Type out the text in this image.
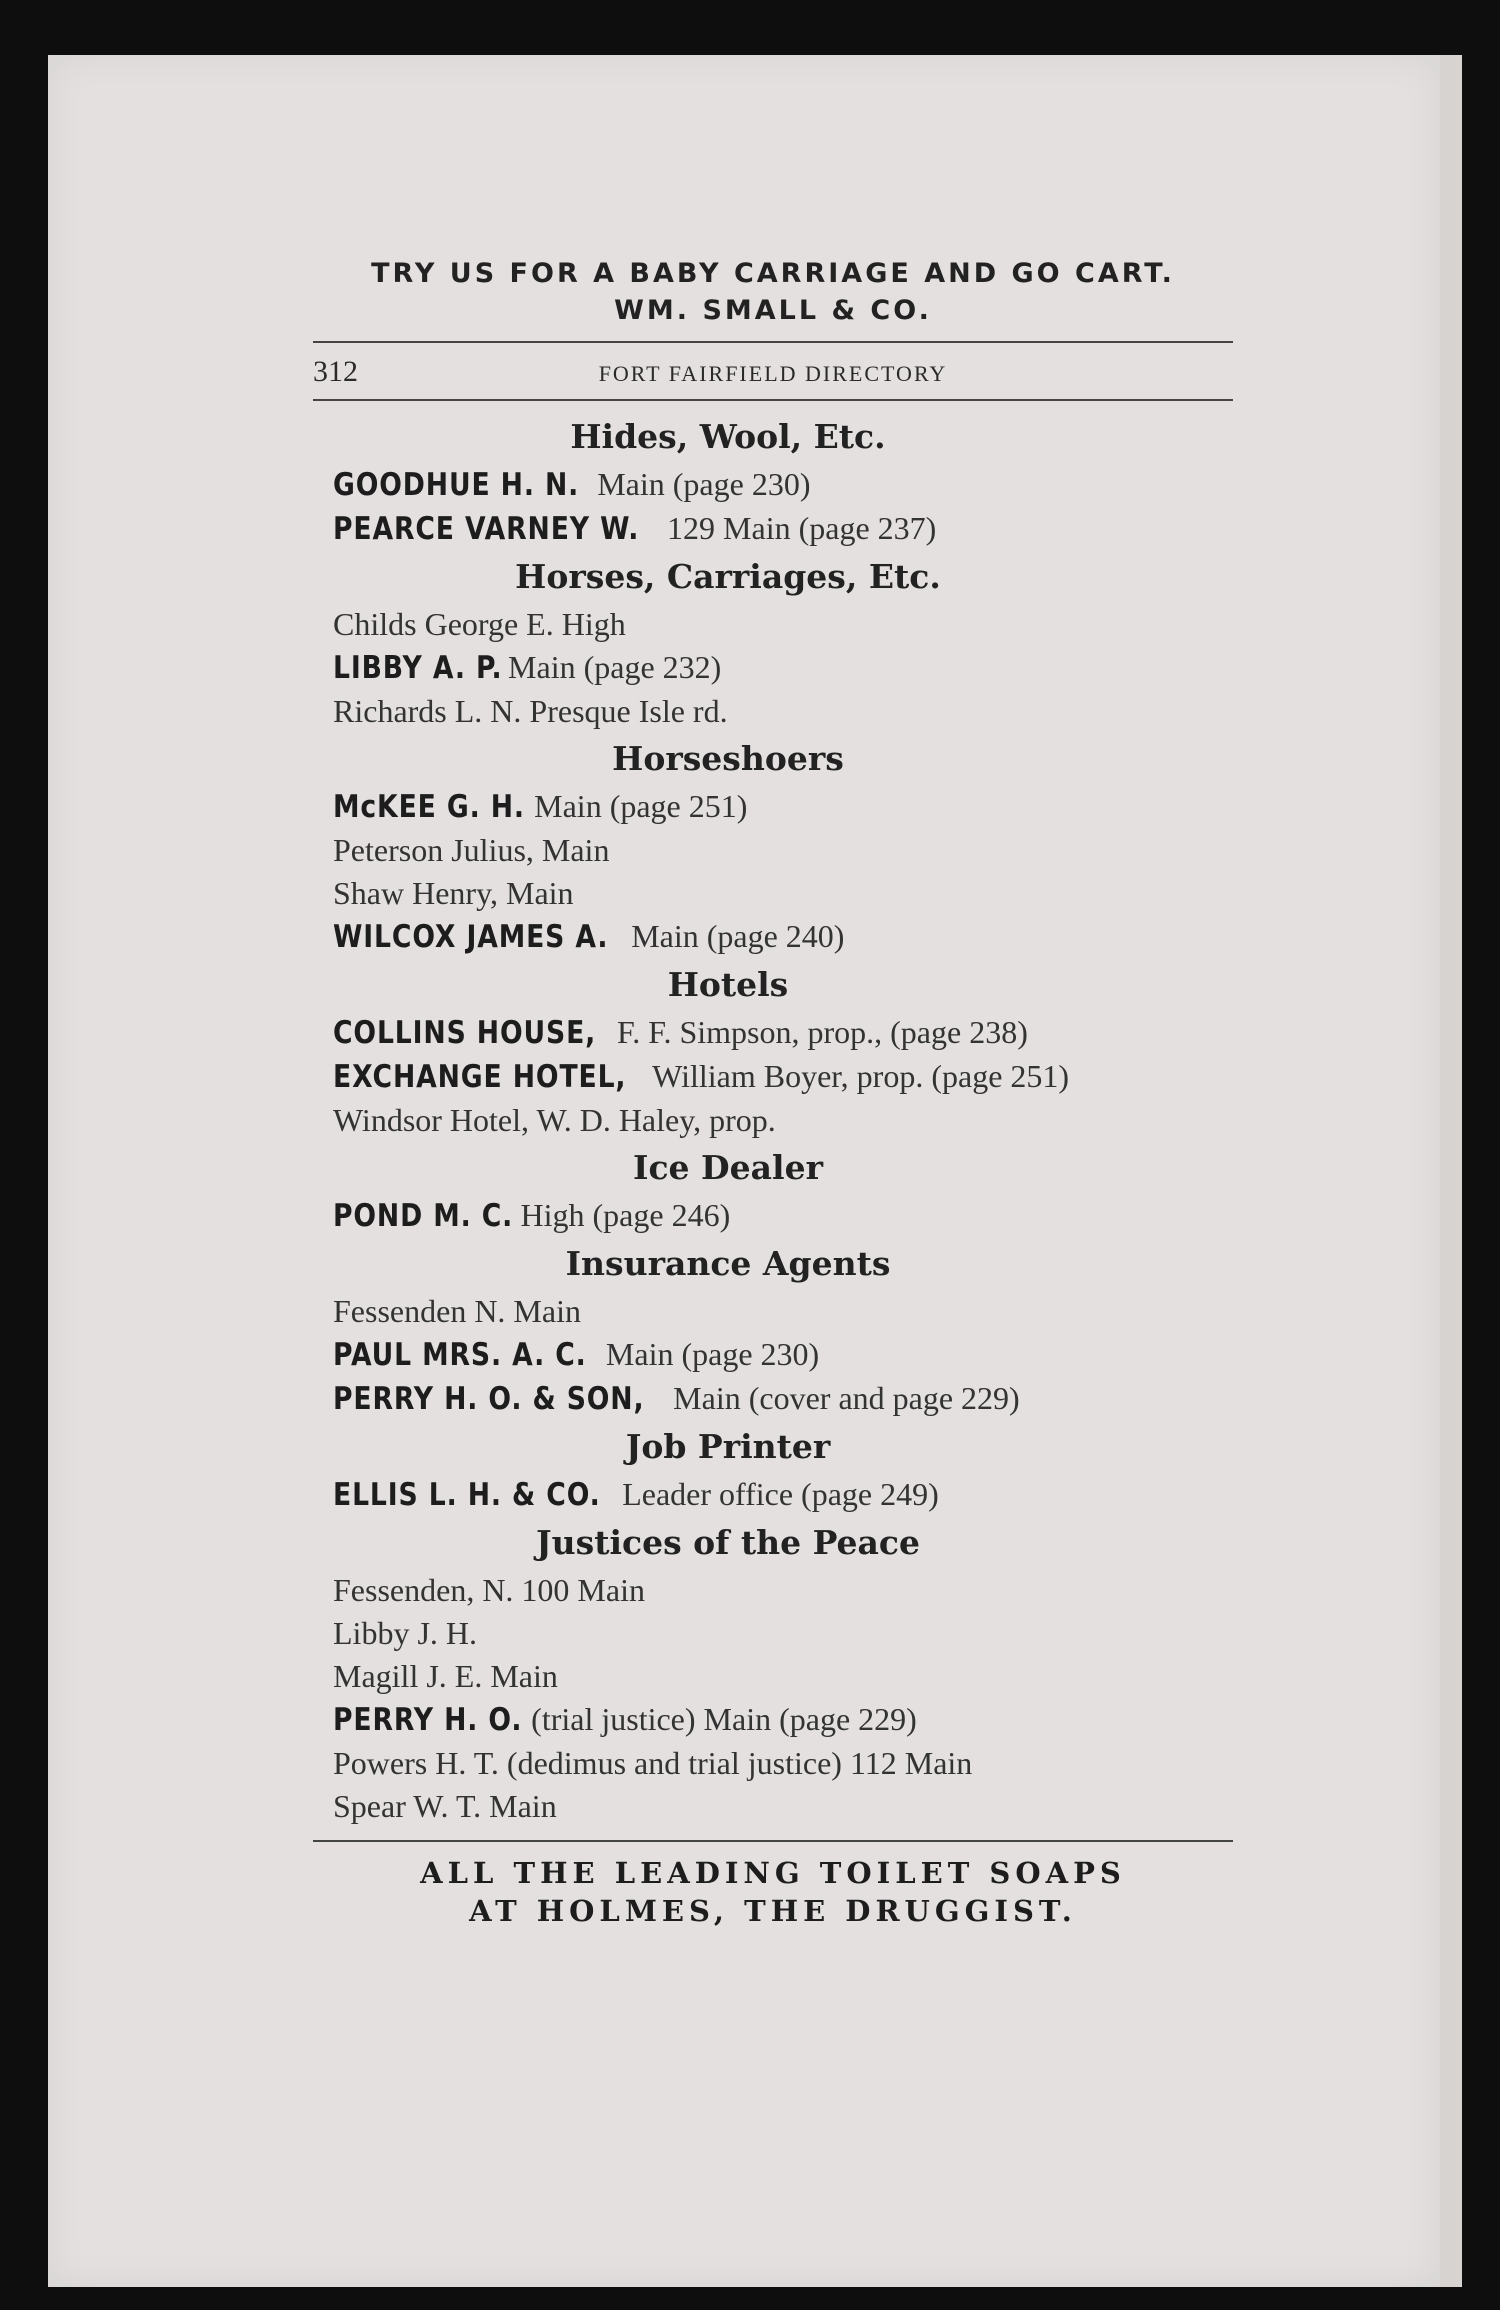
TRY US FOR A BABY CARRIAGE AND GO CART.
WM. SMALL & CO.
312	FORT FAIRFIELD DIRECTORY
Hides, Wool, Etc.
GOODHUE H. N. Main (page 230)
PEARCE VARNEY W. 129 Main (page 237)
Horses, Carriages, Etc.
Childs George E. High
LIBBY A. P. Main (page 232)
Richards L. N. Presque Isle rd.
Horseshoers
McKEE G. H. Main (page 251)
Peterson Julius, Main
Shaw Henry, Main
WILCOX JAMES A. Main (page 240)
Hotels
COLLINS HOUSE, F. F. Simpson, prop., (page 238)
EXCHANGE HOTEL, William Boyer, prop. (page 251)
Windsor Hotel, W. D. Haley, prop.
Ice Dealer
POND M. C. High (page 246)
Insurance Agents
Fessenden N. Main
PAUL MRS. A. C. Main (page 230)
PERRY H. O. & SON, Main (cover and page 229)
Job Printer
ELLIS L. H. & CO. Leader office (page 249)
Justices of the Peace
Fessenden, N. 100 Main
Libby J. H.
Magill J. E. Main
PERRY H. O. (trial justice) Main (page 229)
Powers H. T. (dedimus and trial justice) 112 Main
Spear W. T. Main
ALL THE LEADING TOILET SOAPS
AT HOLMES, THE DRUGGIST.
